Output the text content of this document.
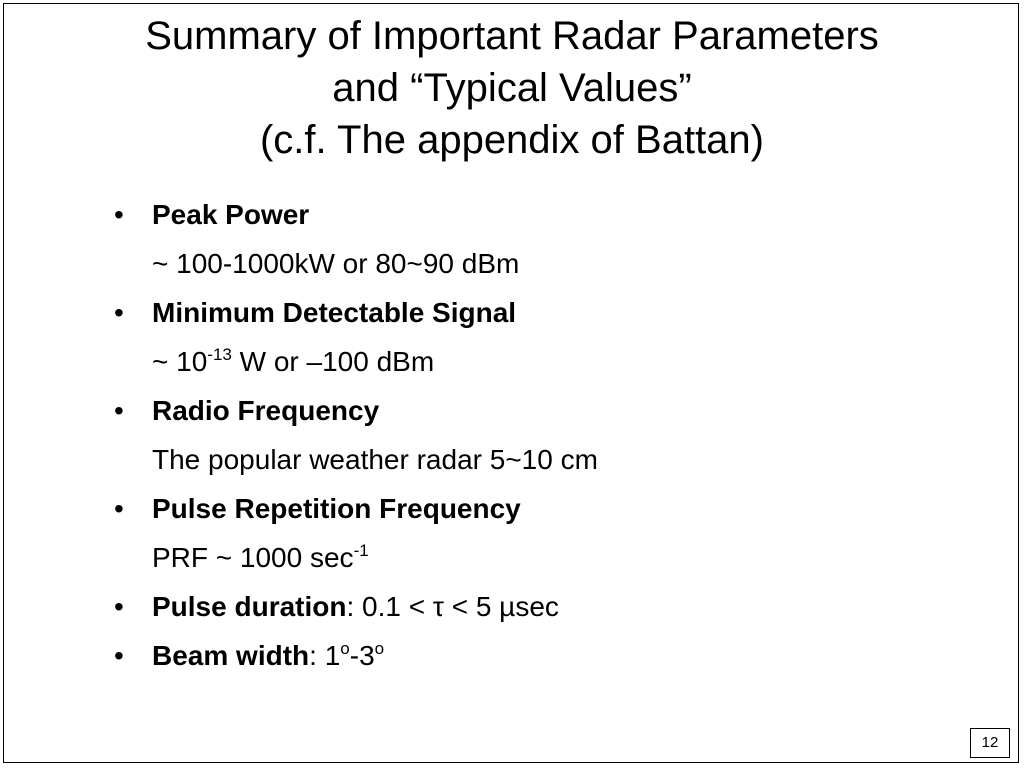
Summary of Important Radar Parameters
and “Typical Values”
(c.f. The appendix of Battan)
• Peak Power
~ 100-1000kW or 80~90 dBm
• Minimum Detectable Signal
~ $10^{-13}$ W or –100 dBm
• Radio Frequency
The popular weather radar 5~10 cm
• Pulse Repetition Frequency
PRF ~ 1000 $\sec^{-1}$
• Pulse duration: 0.1 < τ < 5 µsec
• Beam width: 1$^o$-3$^o$
12
